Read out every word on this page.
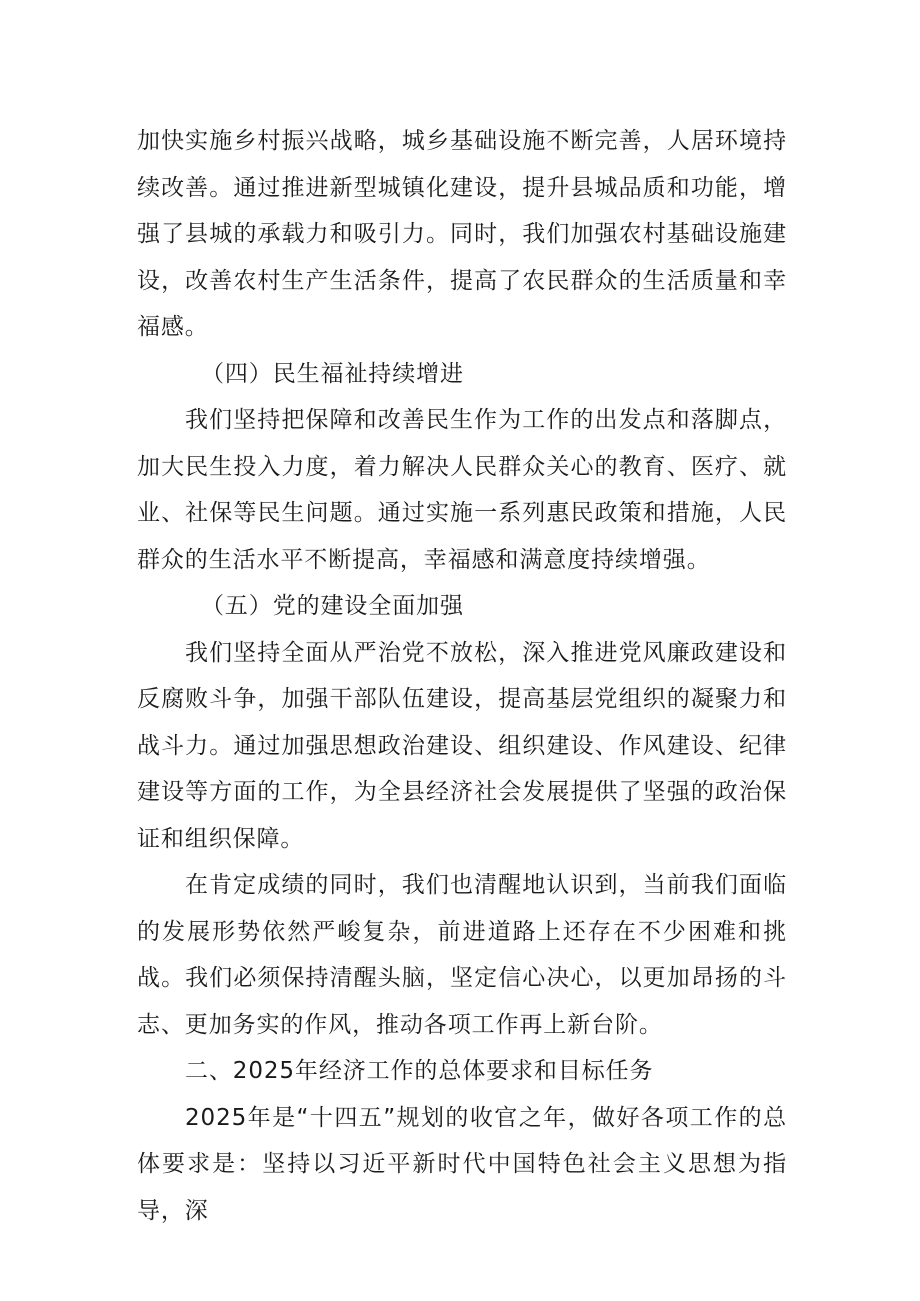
加快实施乡村振兴战略，城乡基础设施不断完善，人居环境持续改善。通过推进新型城镇化建设，提升县城品质和功能，增强了县城的承载力和吸引力。同时，我们加强农村基础设施建设，改善农村生产生活条件，提高了农民群众的生活质量和幸福感。

（四）民生福祉持续增进

我们坚持把保障和改善民生作为工作的出发点和落脚点，加大民生投入力度，着力解决人民群众关心的教育、医疗、就业、社保等民生问题。通过实施一系列惠民政策和措施，人民群众的生活水平不断提高，幸福感和满意度持续增强。

（五）党的建设全面加强

我们坚持全面从严治党不放松，深入推进党风廉政建设和反腐败斗争，加强干部队伍建设，提高基层党组织的凝聚力和战斗力。通过加强思想政治建设、组织建设、作风建设、纪律建设等方面的工作，为全县经济社会发展提供了坚强的政治保证和组织保障。

在肯定成绩的同时，我们也清醒地认识到，当前我们面临的发展形势依然严峻复杂，前进道路上还存在不少困难和挑战。我们必须保持清醒头脑，坚定信心决心，以更加昂扬的斗志、更加务实的作风，推动各项工作再上新台阶。

二、2025年经济工作的总体要求和目标任务

2025年是“十四五”规划的收官之年，做好各项工作的总体要求是：坚持以习近平新时代中国特色社会主义思想为指导，深
